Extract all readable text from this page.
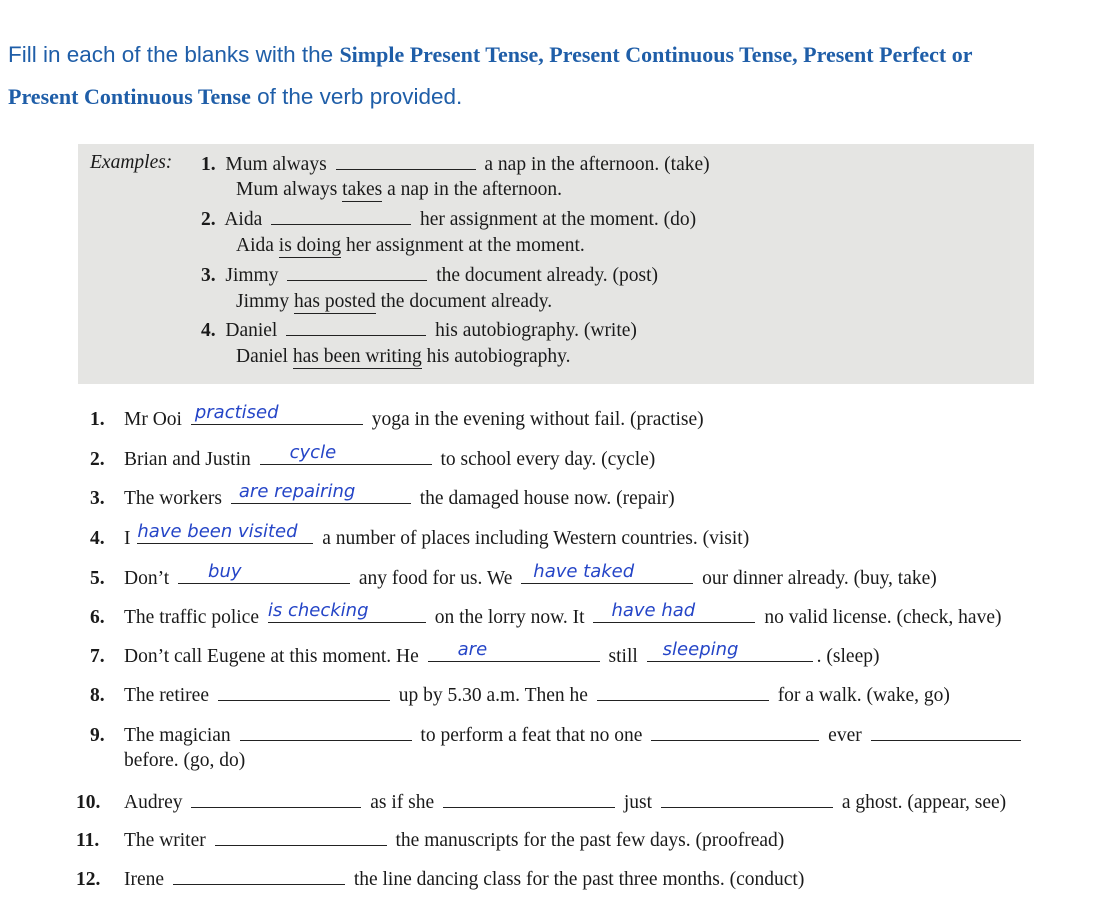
Fill in each of the blanks with the Simple Present Tense, Present Continuous Tense, Present Perfect or
Present Continuous Tense of the verb provided.
Examples: 1. Mum always	a nap in the afternoon. (take)
Mum always takes a nap in the afternoon.
2. Aida	her assignment at the moment. (do)
Aida is doing her assignment at the moment.
3. Jimmy	the document already. (post)
Jimmy has posted the document already.
4. Daniel	his autobiography. (write)
Daniel has been writing his autobiography.
1. Mr Ooi practised	yoga in the evening without fail. (practise)
2. Brian and Justin cycle	to school every day. (cycle)
3. The workers are repairing	the damaged house now. (repair)
4. I have been visited a number of places including Western countries. (visit)
5. Don’t buy	any food for us. We have taked	our dinner already. (buy, take)
6. The traffic police is checking	on the lorry now. It have had	no valid license. (check, have)
7. Don’t call Eugene at this moment. He are	still sleeping	. (sleep)
8. The retiree	up by 5.30 a.m. Then he	for a walk. (wake, go)
9. The magician	to perform a feat that no one	ever
before. (go, do)
10. Audrey	as if she	just	a ghost. (appear, see)
11. The writer	the manuscripts for the past few days. (proofread)
12. Irene	the line dancing class for the past three months. (conduct)
